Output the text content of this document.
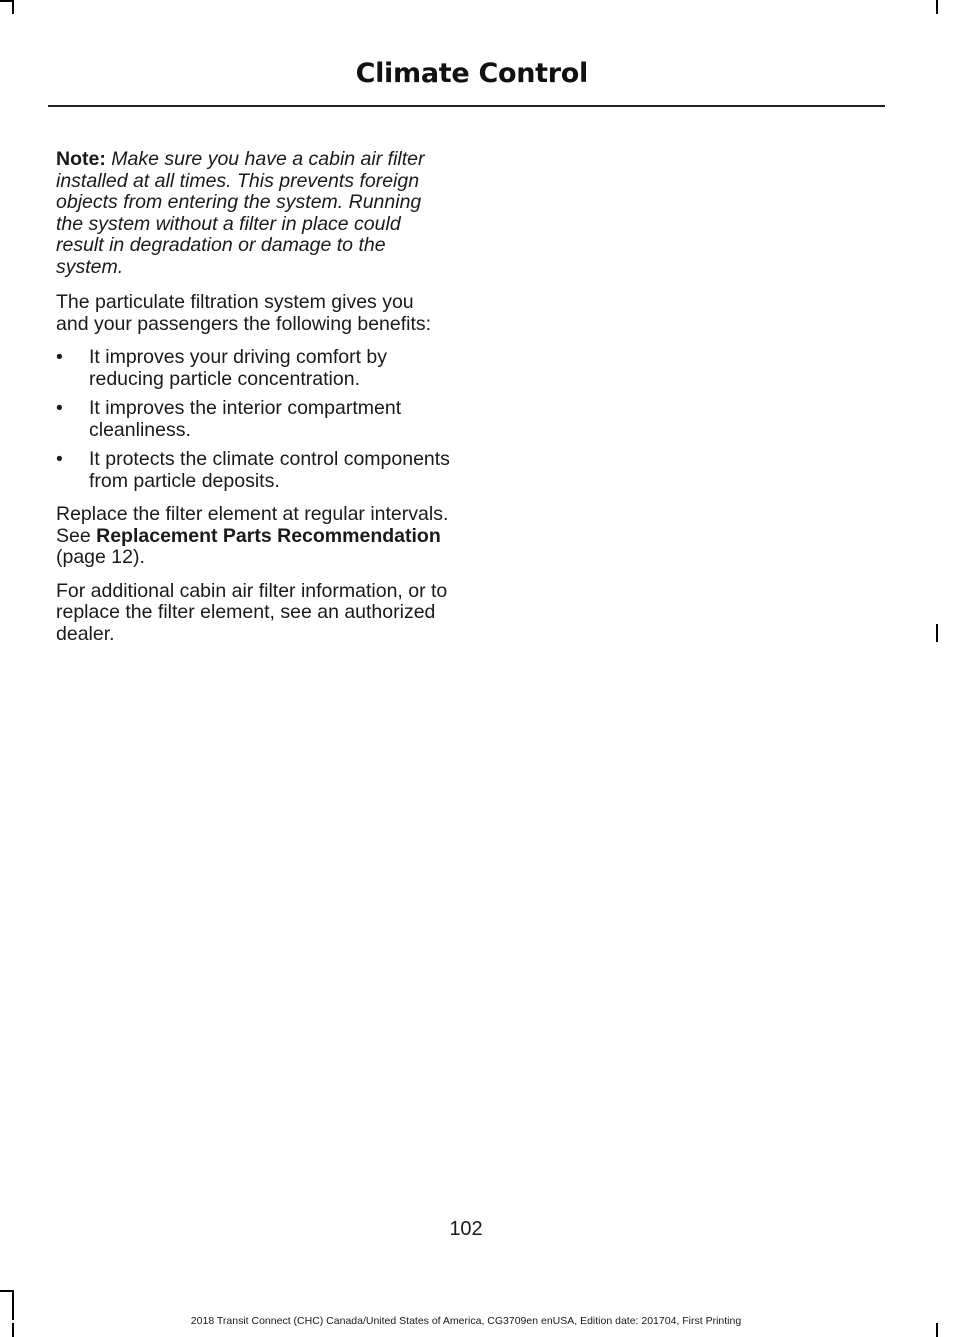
Climate Control

Note: Make sure you have a cabin air filter installed at all times. This prevents foreign objects from entering the system. Running the system without a filter in place could result in degradation or damage to the system.

The particulate filtration system gives you and your passengers the following benefits:

• It improves your driving comfort by reducing particle concentration.
• It improves the interior compartment cleanliness.
• It protects the climate control components from particle deposits.

Replace the filter element at regular intervals. See Replacement Parts Recommendation (page 12).

For additional cabin air filter information, or to replace the filter element, see an authorized dealer.

102
2018 Transit Connect (CHC) Canada/United States of America, CG3709en enUSA, Edition date: 201704, First Printing
